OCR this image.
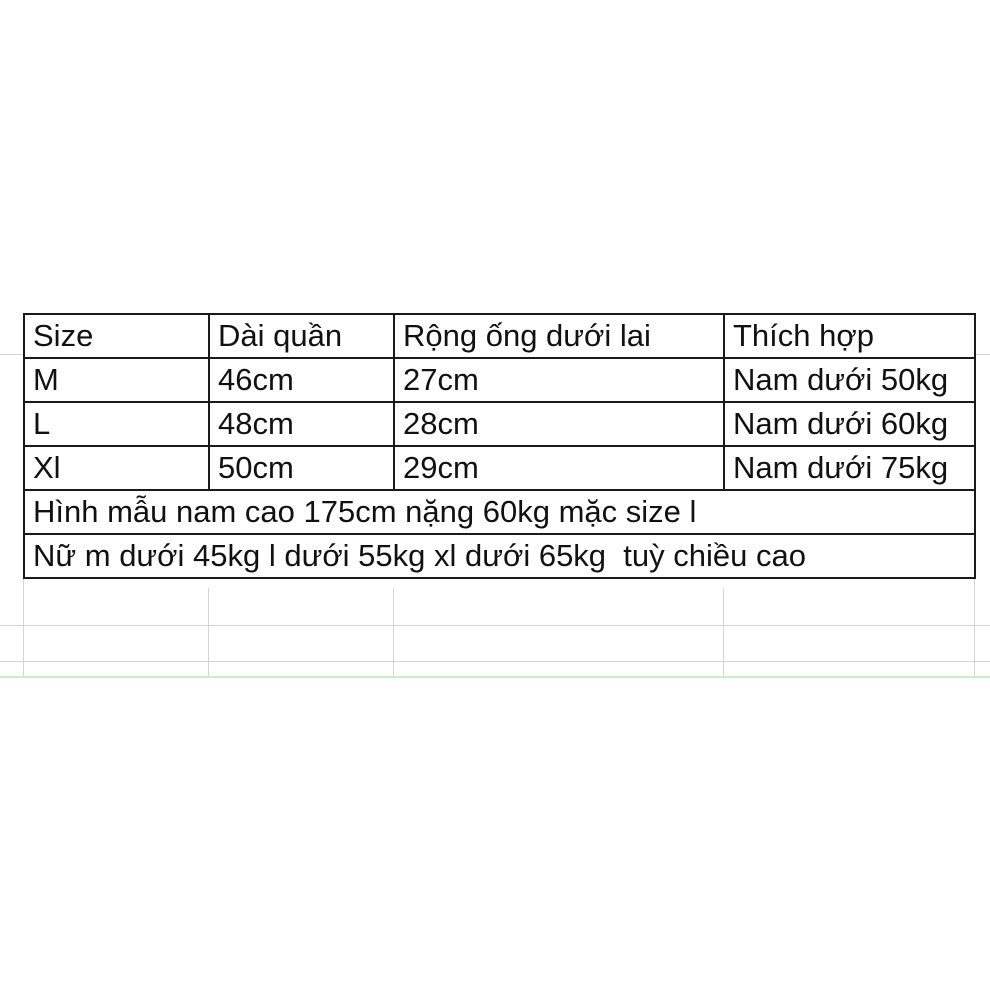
Size	Dài quần	Rộng ống dưới lai	Thích hợp
M	46cm	27cm	Nam dưới 50kg
L	48cm	28cm	Nam dưới 60kg
Xl	50cm	29cm	Nam dưới 75kg
Hình mẫu nam cao 175cm nặng 60kg mặc size l			
Nữ m dưới 45kg l dưới 55kg xl dưới 65kg  tuỳ chiều cao			
